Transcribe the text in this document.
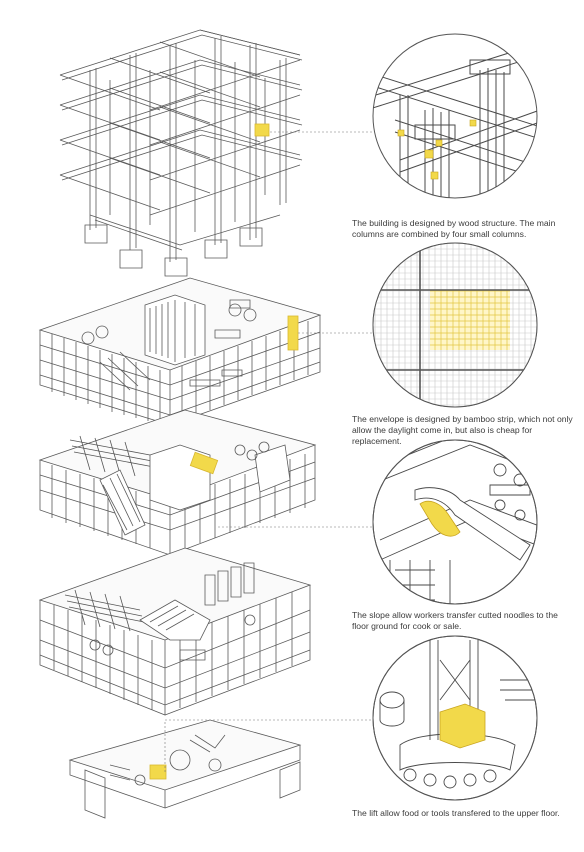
The building is designed by wood structure. The main columns are combined by four small columns.
The envelope is designed by bamboo strip, which not only allow the daylight come in, but also is cheap for replacement.
The slope allow workers transfer cutted noodles to the floor ground for cook or sale.
The lift allow food or tools transfered to the upper floor.
